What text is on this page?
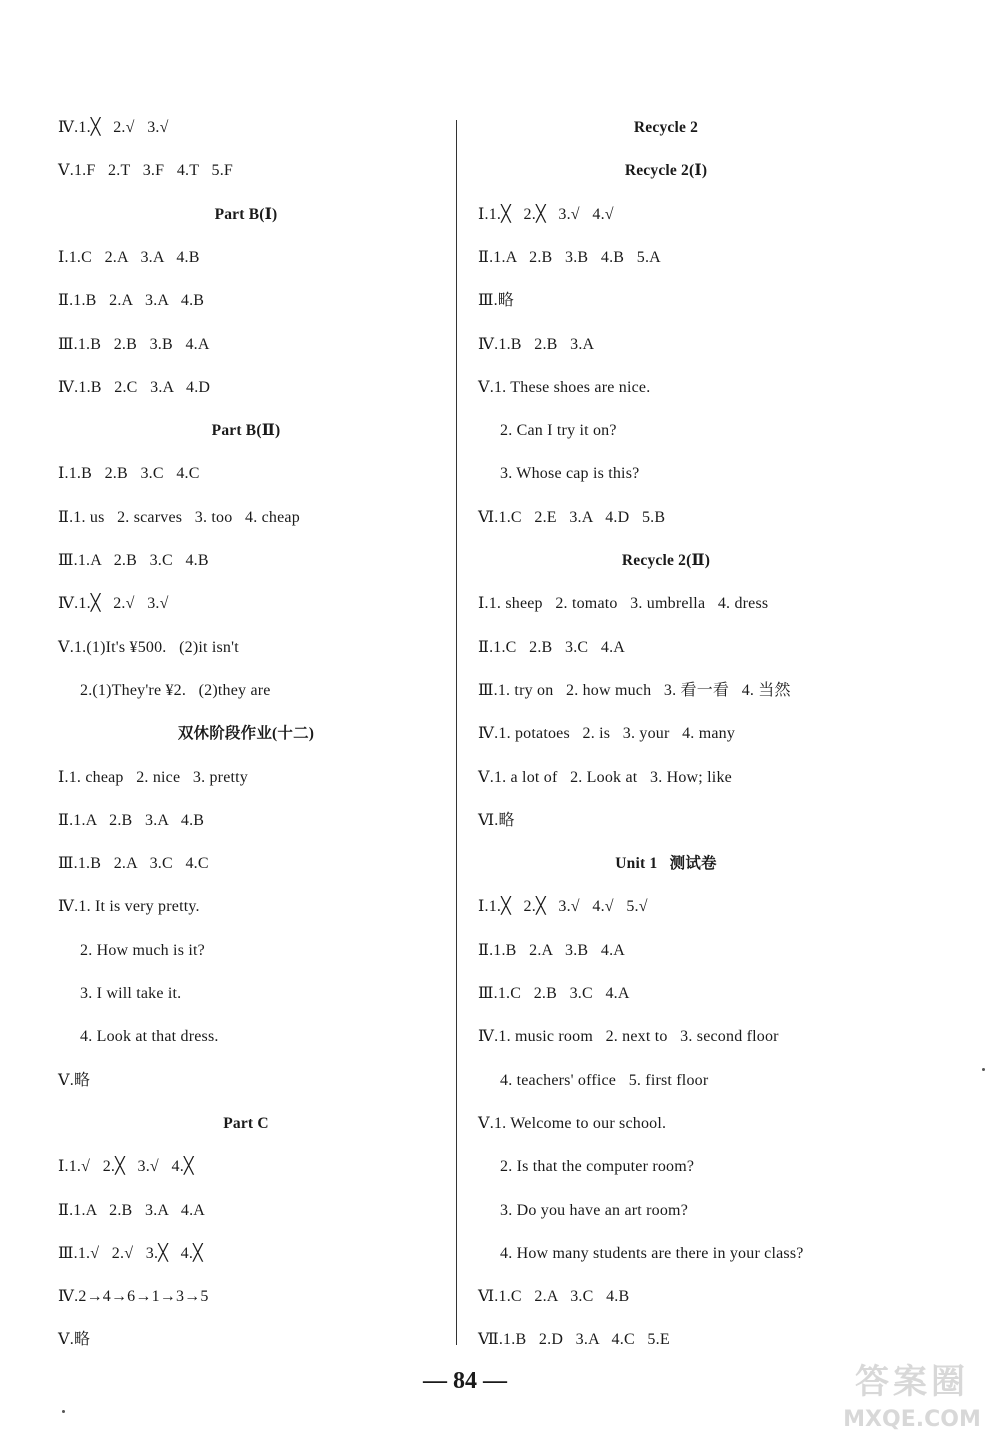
Ⅳ.1.╳   2.√   3.√
Ⅴ.1.F   2.T   3.F   4.T   5.F
Part B(Ⅰ)
Ⅰ.1.C   2.A   3.A   4.B
Ⅱ.1.B   2.A   3.A   4.B
Ⅲ.1.B   2.B   3.B   4.A
Ⅳ.1.B   2.C   3.A   4.D
Part B(Ⅱ)
Ⅰ.1.B   2.B   3.C   4.C
Ⅱ.1. us   2. scarves   3. too   4. cheap
Ⅲ.1.A   2.B   3.C   4.B
Ⅳ.1.╳   2.√   3.√
Ⅴ.1.(1)It's ¥500.   (2)it isn't
2.(1)They're ¥2.   (2)they are
双休阶段作业(十二)
Ⅰ.1. cheap   2. nice   3. pretty
Ⅱ.1.A   2.B   3.A   4.B
Ⅲ.1.B   2.A   3.C   4.C
Ⅳ.1. It is very pretty.
2. How much is it?
3. I will take it.
4. Look at that dress.
Ⅴ.略
Part C
Ⅰ.1.√   2.╳   3.√   4.╳
Ⅱ.1.A   2.B   3.A   4.A
Ⅲ.1.√   2.√   3.╳   4.╳
Ⅳ.2→4→6→1→3→5
Ⅴ.略
Recycle 2
Recycle 2(Ⅰ)
Ⅰ.1.╳   2.╳   3.√   4.√
Ⅱ.1.A   2.B   3.B   4.B   5.A
Ⅲ.略
Ⅳ.1.B   2.B   3.A
Ⅴ.1. These shoes are nice.
2. Can I try it on?
3. Whose cap is this?
Ⅵ.1.C   2.E   3.A   4.D   5.B
Recycle 2(Ⅱ)
Ⅰ.1. sheep   2. tomato   3. umbrella   4. dress
Ⅱ.1.C   2.B   3.C   4.A
Ⅲ.1. try on   2. how much   3. 看一看   4. 当然
Ⅳ.1. potatoes   2. is   3. your   4. many
Ⅴ.1. a lot of   2. Look at   3. How; like
Ⅵ.略
Unit 1   测试卷
Ⅰ.1.╳   2.╳   3.√   4.√   5.√
Ⅱ.1.B   2.A   3.B   4.A
Ⅲ.1.C   2.B   3.C   4.A
Ⅳ.1. music room   2. next to   3. second floor
4. teachers' office   5. first floor
Ⅴ.1. Welcome to our school.
2. Is that the computer room?
3. Do you have an art room?
4. How many students are there in your class?
Ⅵ.1.C   2.A   3.C   4.B
Ⅶ.1.B   2.D   3.A   4.C   5.E
— 84 —	答案圈
MXQE.COM
